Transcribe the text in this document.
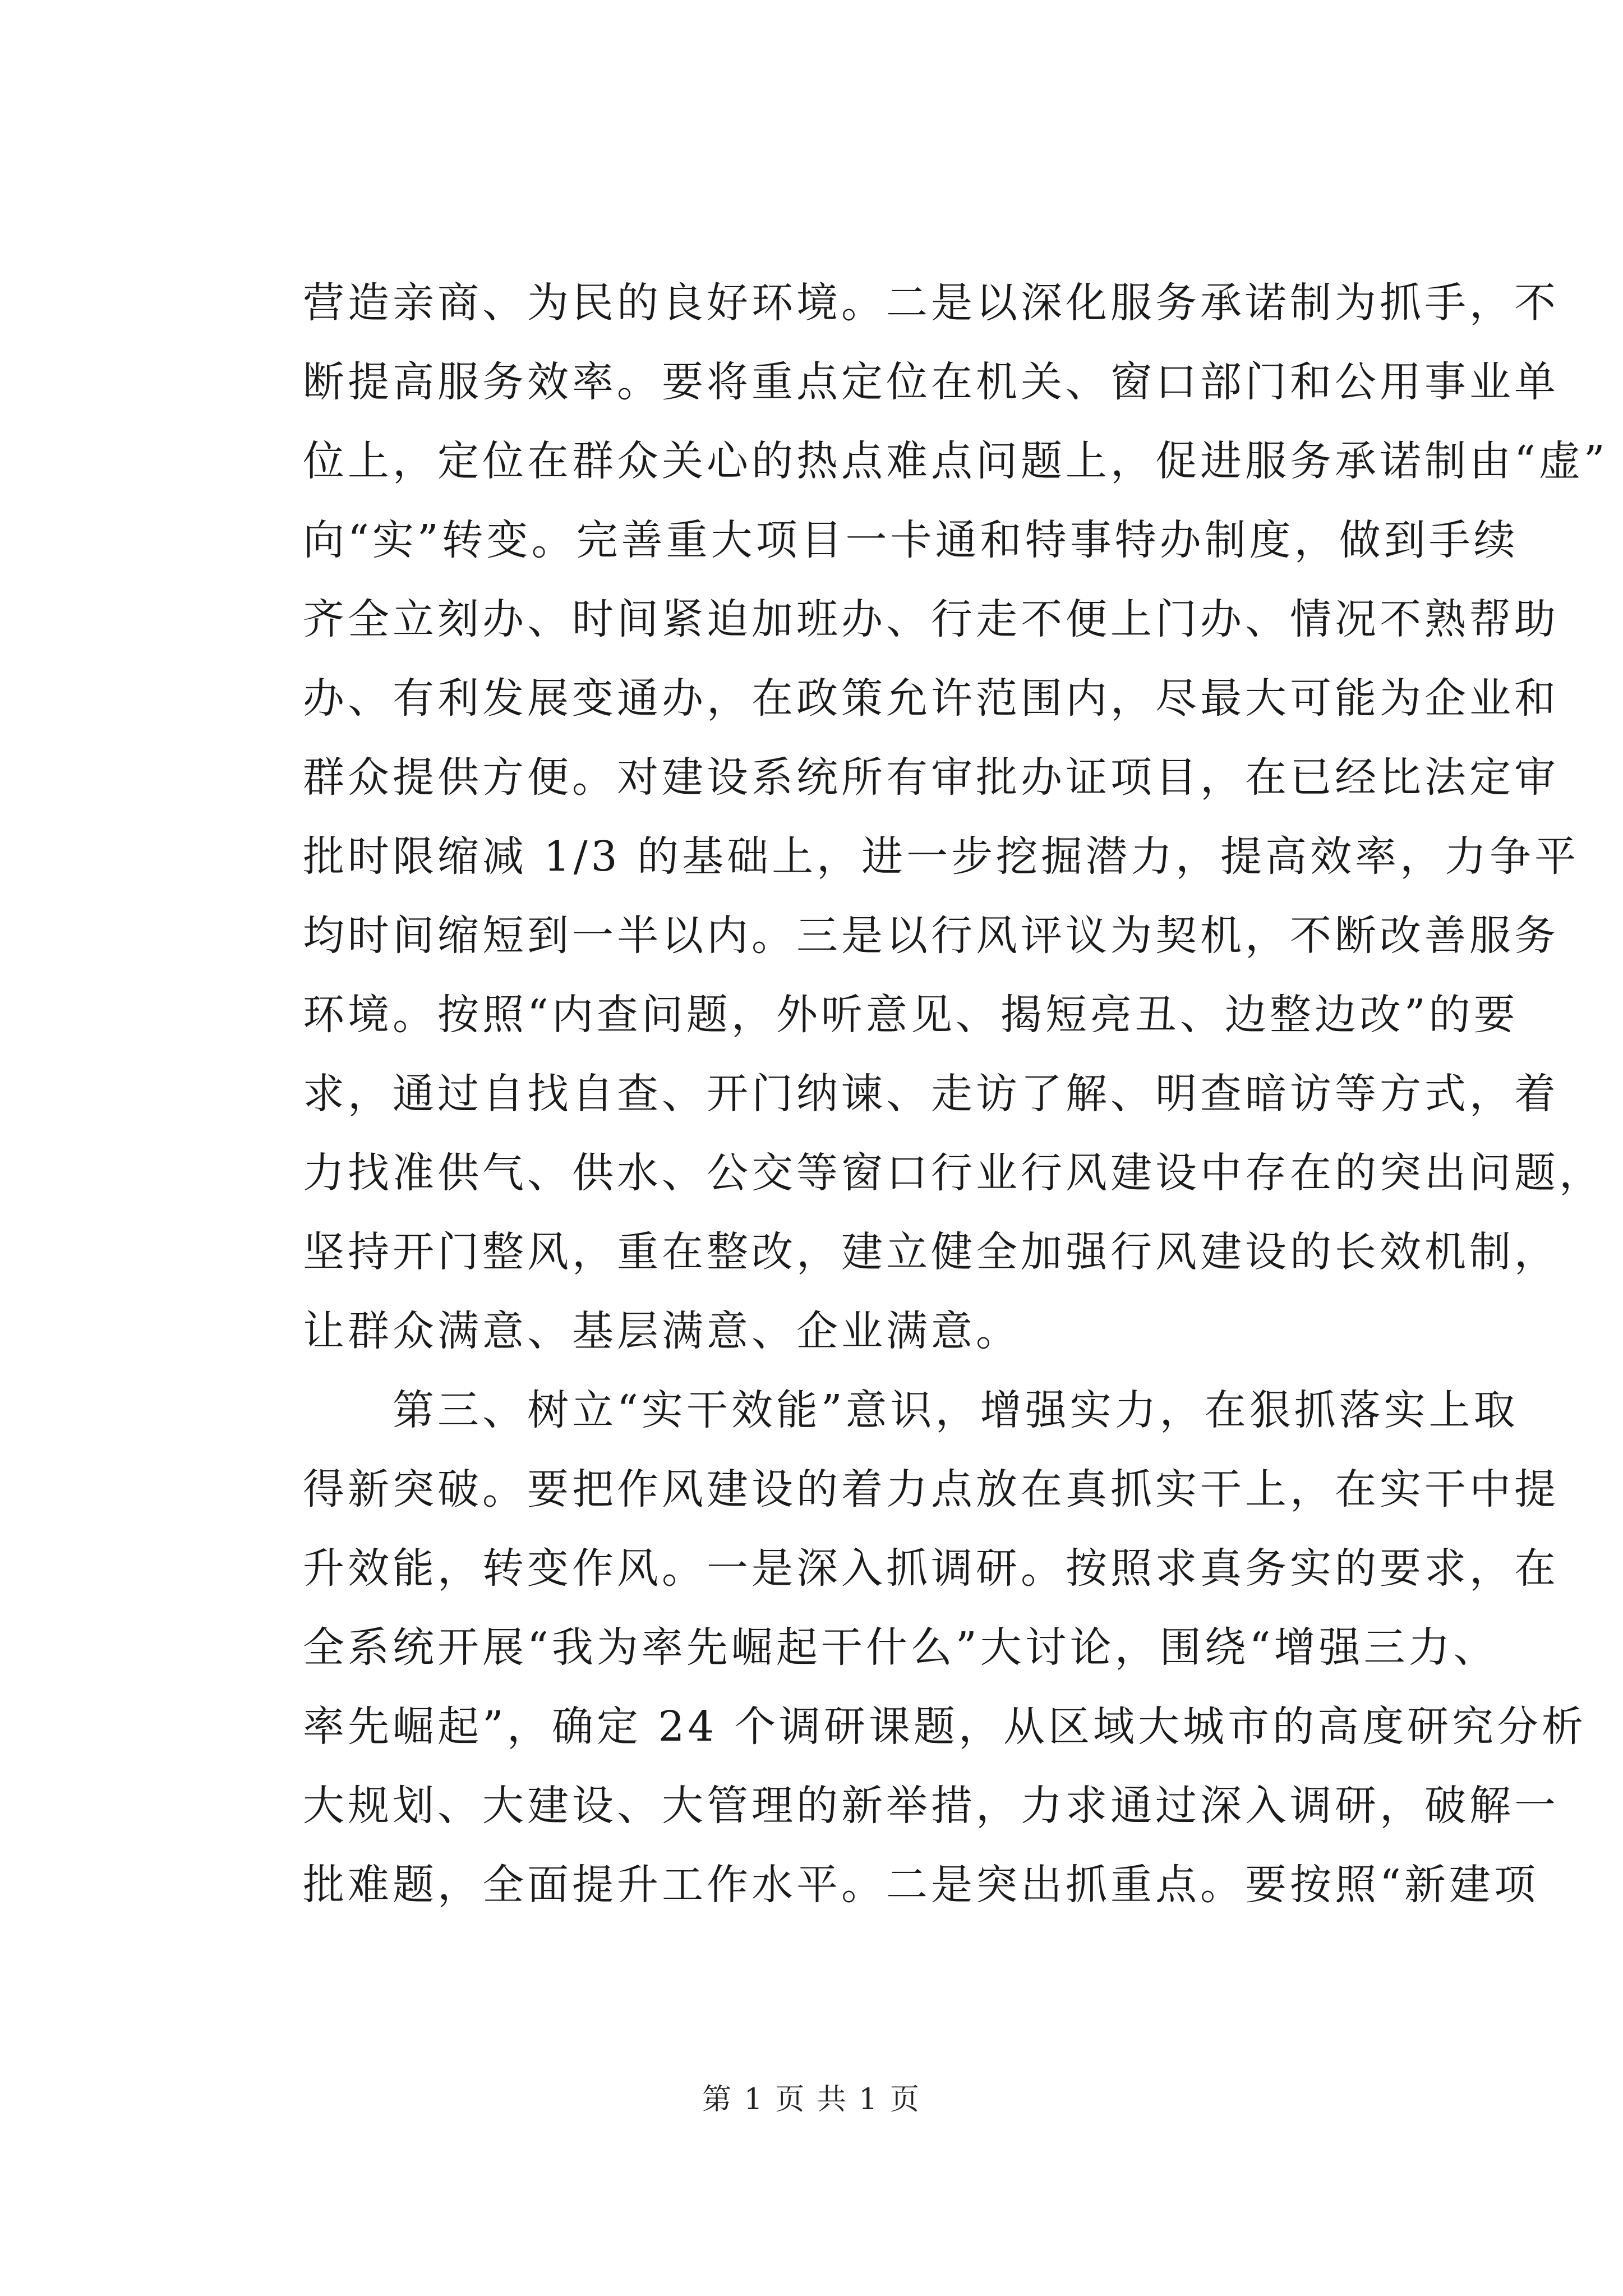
营造亲商、为民的良好环境。二是以深化服务承诺制为抓手，不
断提高服务效率。要将重点定位在机关、窗口部门和公用事业单
位上，定位在群众关心的热点难点问题上，促进服务承诺制由“虚”
向“实”转变。完善重大项目一卡通和特事特办制度，做到手续
齐全立刻办、时间紧迫加班办、行走不便上门办、情况不熟帮助
办、有利发展变通办，在政策允许范围内，尽最大可能为企业和
群众提供方便。对建设系统所有审批办证项目，在已经比法定审
批时限缩减 1/3 的基础上，进一步挖掘潜力，提高效率，力争平
均时间缩短到一半以内。三是以行风评议为契机，不断改善服务
环境。按照“内查问题，外听意见、揭短亮丑、边整边改”的要
求，通过自找自查、开门纳谏、走访了解、明查暗访等方式，着
力找准供气、供水、公交等窗口行业行风建设中存在的突出问题，
坚持开门整风，重在整改，建立健全加强行风建设的长效机制，
让群众满意、基层满意、企业满意。
　　第三、树立“实干效能”意识，增强实力，在狠抓落实上取
得新突破。要把作风建设的着力点放在真抓实干上，在实干中提
升效能，转变作风。一是深入抓调研。按照求真务实的要求，在
全系统开展“我为率先崛起干什么”大讨论，围绕“增强三力、
率先崛起”，确定 24 个调研课题，从区域大城市的高度研究分析
大规划、大建设、大管理的新举措，力求通过深入调研，破解一
批难题，全面提升工作水平。二是突出抓重点。要按照“新建项
第 1 页 共 1 页
